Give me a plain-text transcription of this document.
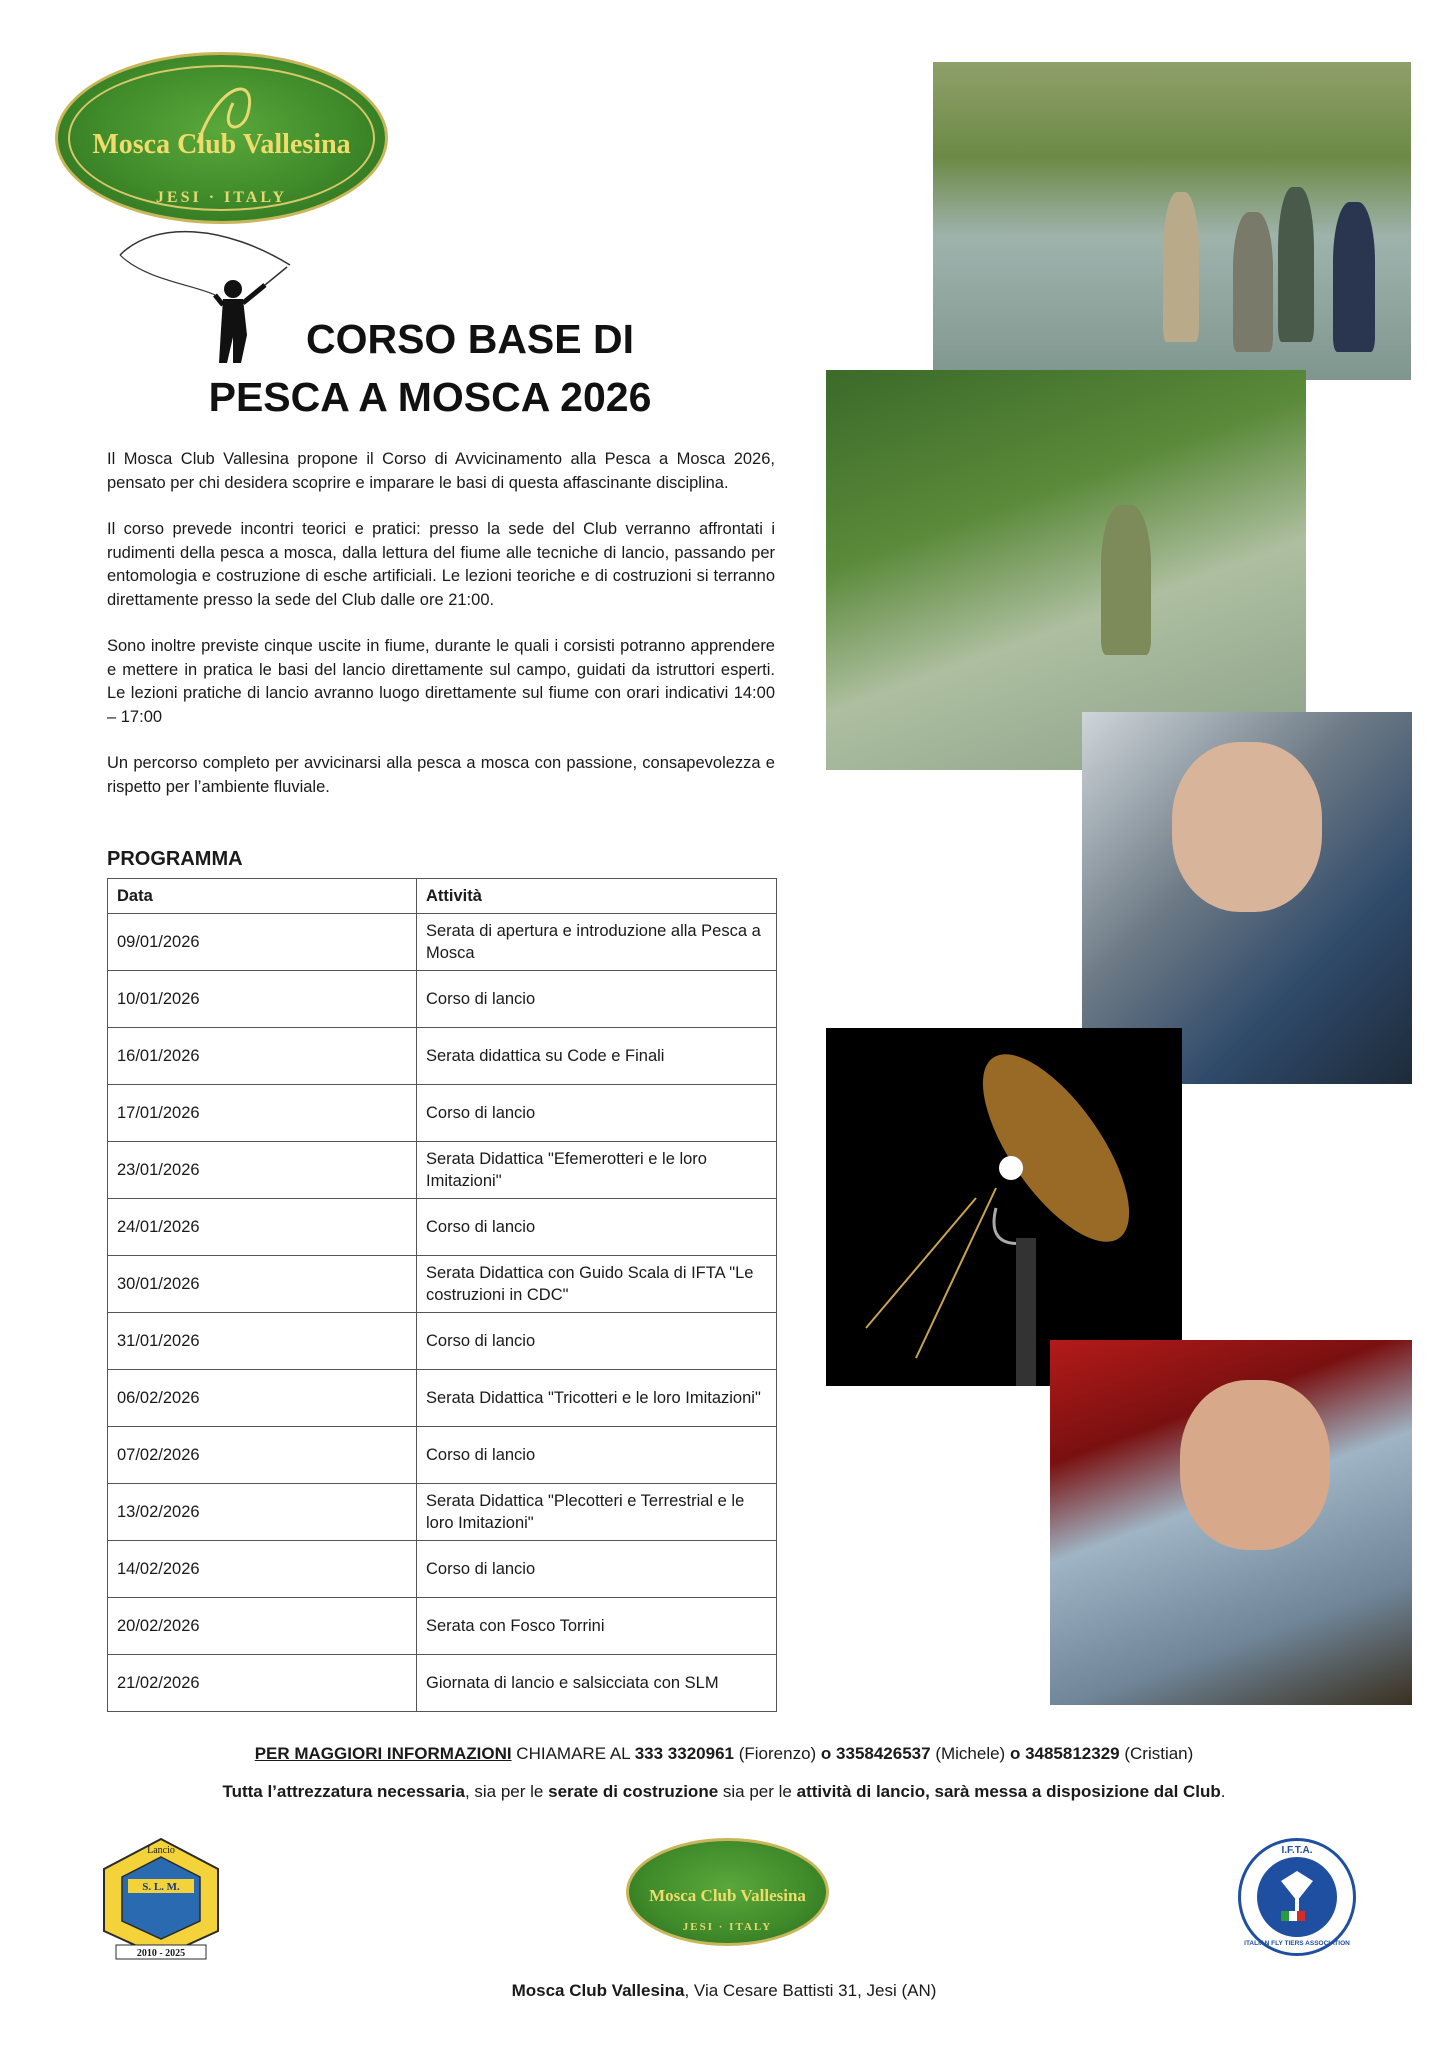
Mosca Club Vallesina
JESI · ITALY
CORSO BASE DI
PESCA A MOSCA 2026

Il Mosca Club Vallesina propone il Corso di Avvicinamento alla Pesca a Mosca 2026, pensato per chi desidera scoprire e imparare le basi di questa affascinante disciplina.

Il corso prevede incontri teorici e pratici: presso la sede del Club verranno affrontati i rudimenti della pesca a mosca, dalla lettura del fiume alle tecniche di lancio, passando per entomologia e costruzione di esche artificiali. Le lezioni teoriche e di costruzioni si terranno direttamente presso la sede del Club dalle ore 21:00.

Sono inoltre previste cinque uscite in fiume, durante le quali i corsisti potranno apprendere e mettere in pratica le basi del lancio direttamente sul campo, guidati da istruttori esperti. Le lezioni pratiche di lancio avranno luogo direttamente sul fiume con orari indicativi 14:00 – 17:00

Un percorso completo per avvicinarsi alla pesca a mosca con passione, consapevolezza e rispetto per l’ambiente fluviale.

PROGRAMMA
Data	Attività
09/01/2026	Serata di apertura e introduzione alla Pesca a Mosca
10/01/2026	Corso di lancio
16/01/2026	Serata didattica su Code e Finali
17/01/2026	Corso di lancio
23/01/2026	Serata Didattica "Efemerotteri e le loro Imitazioni"
24/01/2026	Corso di lancio
30/01/2026	Serata Didattica con Guido Scala di IFTA "Le costruzioni in CDC"
31/01/2026	Corso di lancio
06/02/2026	Serata Didattica "Tricotteri e le loro Imitazioni"
07/02/2026	Corso di lancio
13/02/2026	Serata Didattica "Plecotteri e Terrestrial e le loro Imitazioni"
14/02/2026	Corso di lancio
20/02/2026	Serata con Fosco Torrini
21/02/2026	Giornata di lancio e salsicciata con SLM
PER MAGGIORI INFORMAZIONI CHIAMARE AL 333 3320961 (Fiorenzo) o 3358426537 (Michele) o 3485812329 (Cristian)
Tutta l’attrezzatura necessaria, sia per le serate di costruzione sia per le attività di lancio, sarà messa a disposizione dal Club.
S. L. M.
Lancio
2010 - 2025
Mosca Club Vallesina
JESI · ITALY
I.F.T.A.
ITALIAN FLY TIERS ASSOCIATION
Mosca Club Vallesina, Via Cesare Battisti 31, Jesi (AN)
